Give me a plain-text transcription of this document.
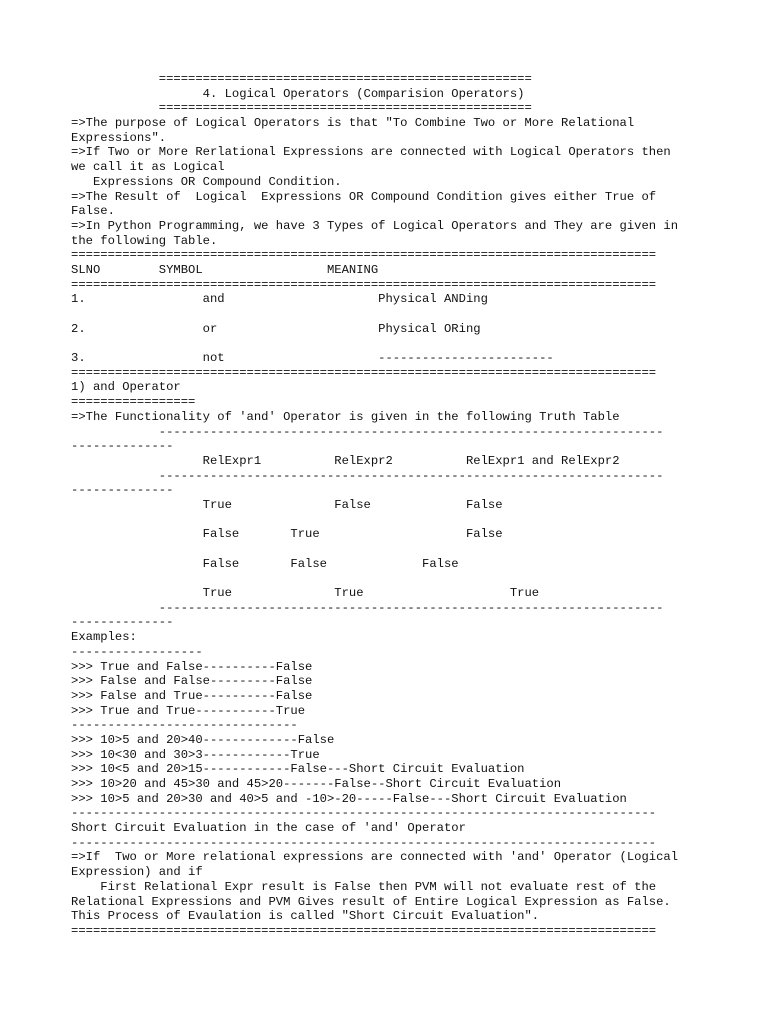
===================================================
4. Logical Operators (Comparision Operators)
===================================================
=>The purpose of Logical Operators is that "To Combine Two or More Relational
Expressions".
=>If Two or More Rerlational Expressions are connected with Logical Operators then
we call it as Logical
Expressions OR Compound Condition.
=>The Result of  Logical  Expressions OR Compound Condition gives either True of
False.
=>In Python Programming, we have 3 Types of Logical Operators and They are given in
the following Table.
================================================================================
SLNO        SYMBOL                 MEANING
================================================================================
1.                and                     Physical ANDing
2.                or                      Physical ORing
3.                not                     ------------------------
================================================================================
1) and Operator
=================
=>The Functionality of 'and' Operator is given in the following Truth Table
---------------------------------------------------------------------
--------------
RelExpr1          RelExpr2          RelExpr1 and RelExpr2
---------------------------------------------------------------------
--------------
True              False             False
False       True                    False
False       False             False
True              True                    True
---------------------------------------------------------------------
--------------
Examples:
------------------
>>> True and False----------False
>>> False and False---------False
>>> False and True----------False
>>> True and True-----------True
-------------------------------
>>> 10>5 and 20>40-------------False
>>> 10<30 and 30>3------------True
>>> 10<5 and 20>15------------False---Short Circuit Evaluation
>>> 10>20 and 45>30 and 45>20-------False--Short Circuit Evaluation
>>> 10>5 and 20>30 and 40>5 and -10>-20-----False---Short Circuit Evaluation
--------------------------------------------------------------------------------
Short Circuit Evaluation in the case of 'and' Operator
--------------------------------------------------------------------------------
=>If  Two or More relational expressions are connected with 'and' Operator (Logical
Expression) and if
First Relational Expr result is False then PVM will not evaluate rest of the
Relational Expressions and PVM Gives result of Entire Logical Expression as False.
This Process of Evaulation is called "Short Circuit Evaluation".
================================================================================
